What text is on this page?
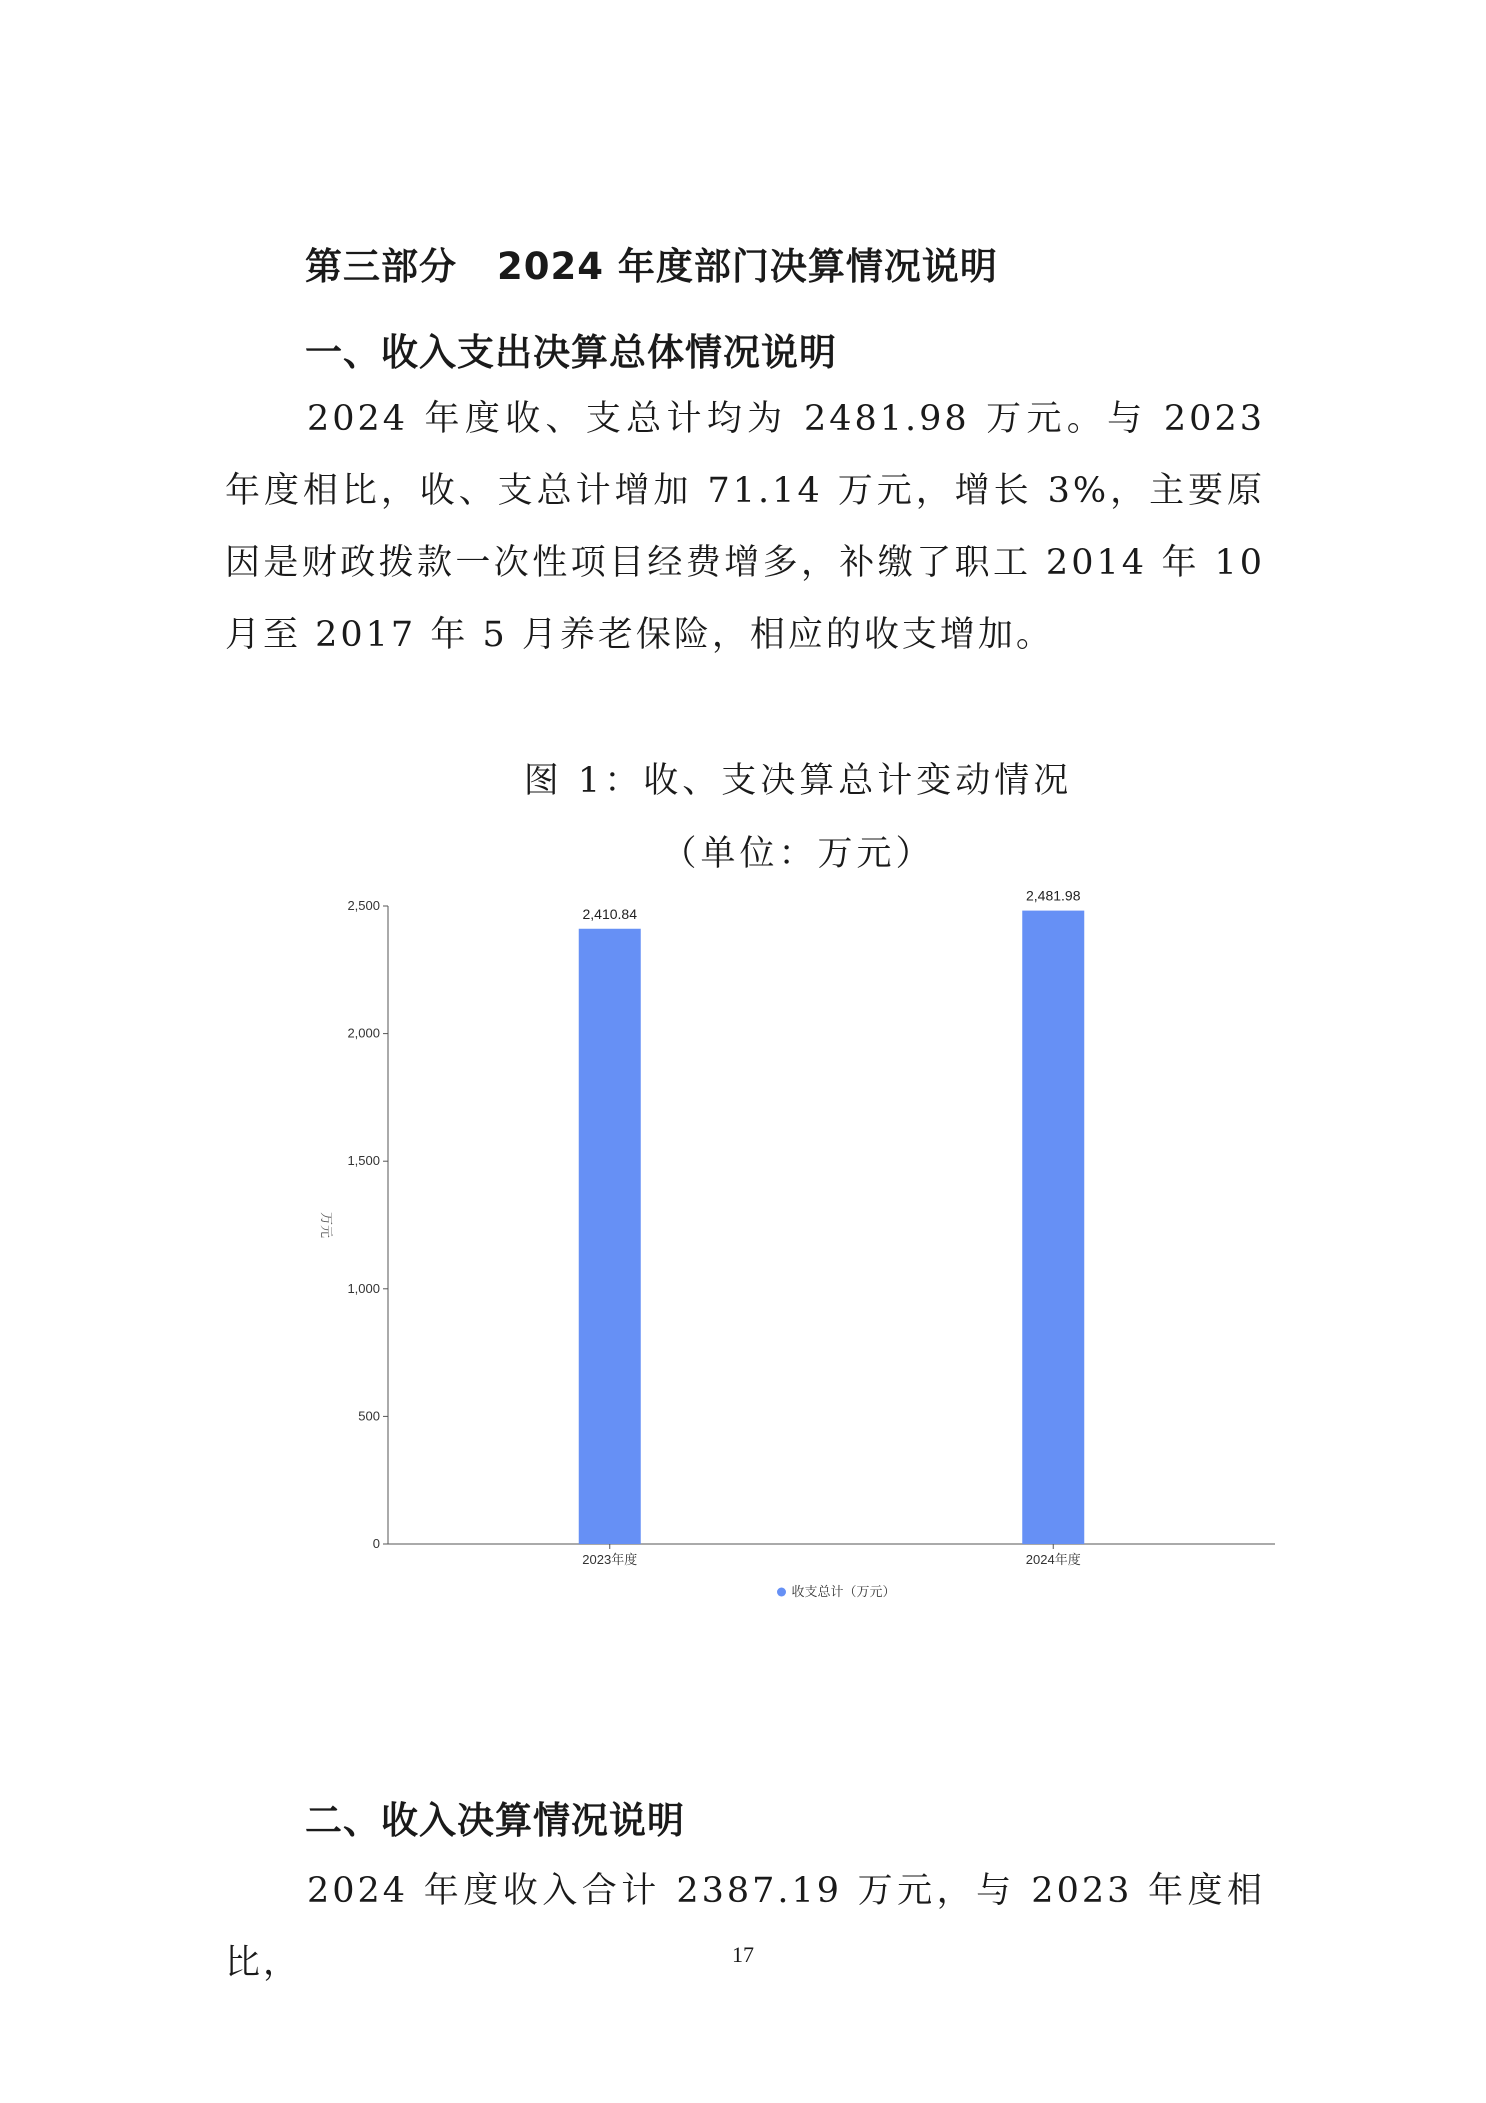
第三部分 2024 年度部门决算情况说明
一、收入支出决算总体情况说明
2024 年度收、支总计均为 2481.98 万元。与 2023 年度相比，收、支总计增加 71.14 万元，增长 3%，主要原因是财政拨款一次性项目经费增多，补缴了职工 2014 年 10 月至 2017 年 5 月养老保险，相应的收支增加。
图 1：收、支决算总计变动情况
（单位：万元）
0
500
1,000
1,500
2,000
2,500
万元
2,410.84
2023年度
2,481.98
2024年度
收支总计（万元）
二、收入决算情况说明
2024 年度收入合计 2387.19 万元，与 2023 年度相比，	17
